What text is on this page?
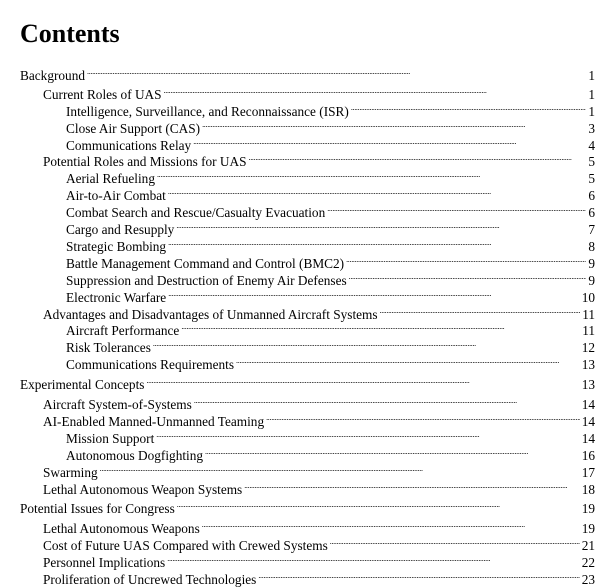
Contents
Background . . .	1
Current Roles of UAS . . .	1
Intelligence, Surveillance, and Reconnaissance (ISR) . . .	1
Close Air Support (CAS) . . .	3
Communications Relay . . .	4
Potential Roles and Missions for UAS . . .	5
Aerial Refueling . . .	5
Air-to-Air Combat . . .	6
Combat Search and Rescue/Casualty Evacuation . . .	6
Cargo and Resupply . . .	7
Strategic Bombing . . .	8
Battle Management Command and Control (BMC2) . . .	9
Suppression and Destruction of Enemy Air Defenses . . .	9
Electronic Warfare . . .	10
Advantages and Disadvantages of Unmanned Aircraft Systems . . .	11
Aircraft Performance . . .	11
Risk Tolerances . . .	12
Communications Requirements . . .	13
Experimental Concepts . . .	13
Aircraft System-of-Systems . . .	14
AI-Enabled Manned-Unmanned Teaming . . .	14
Mission Support . . .	14
Autonomous Dogfighting . . .	16
Swarming . . .	17
Lethal Autonomous Weapon Systems . . .	18
Potential Issues for Congress . . .	19
Lethal Autonomous Weapons . . .	19
Cost of Future UAS Compared with Crewed Systems . . .	21
Personnel Implications . . .	22
Proliferation of Uncrewed Technologies . . .	23
